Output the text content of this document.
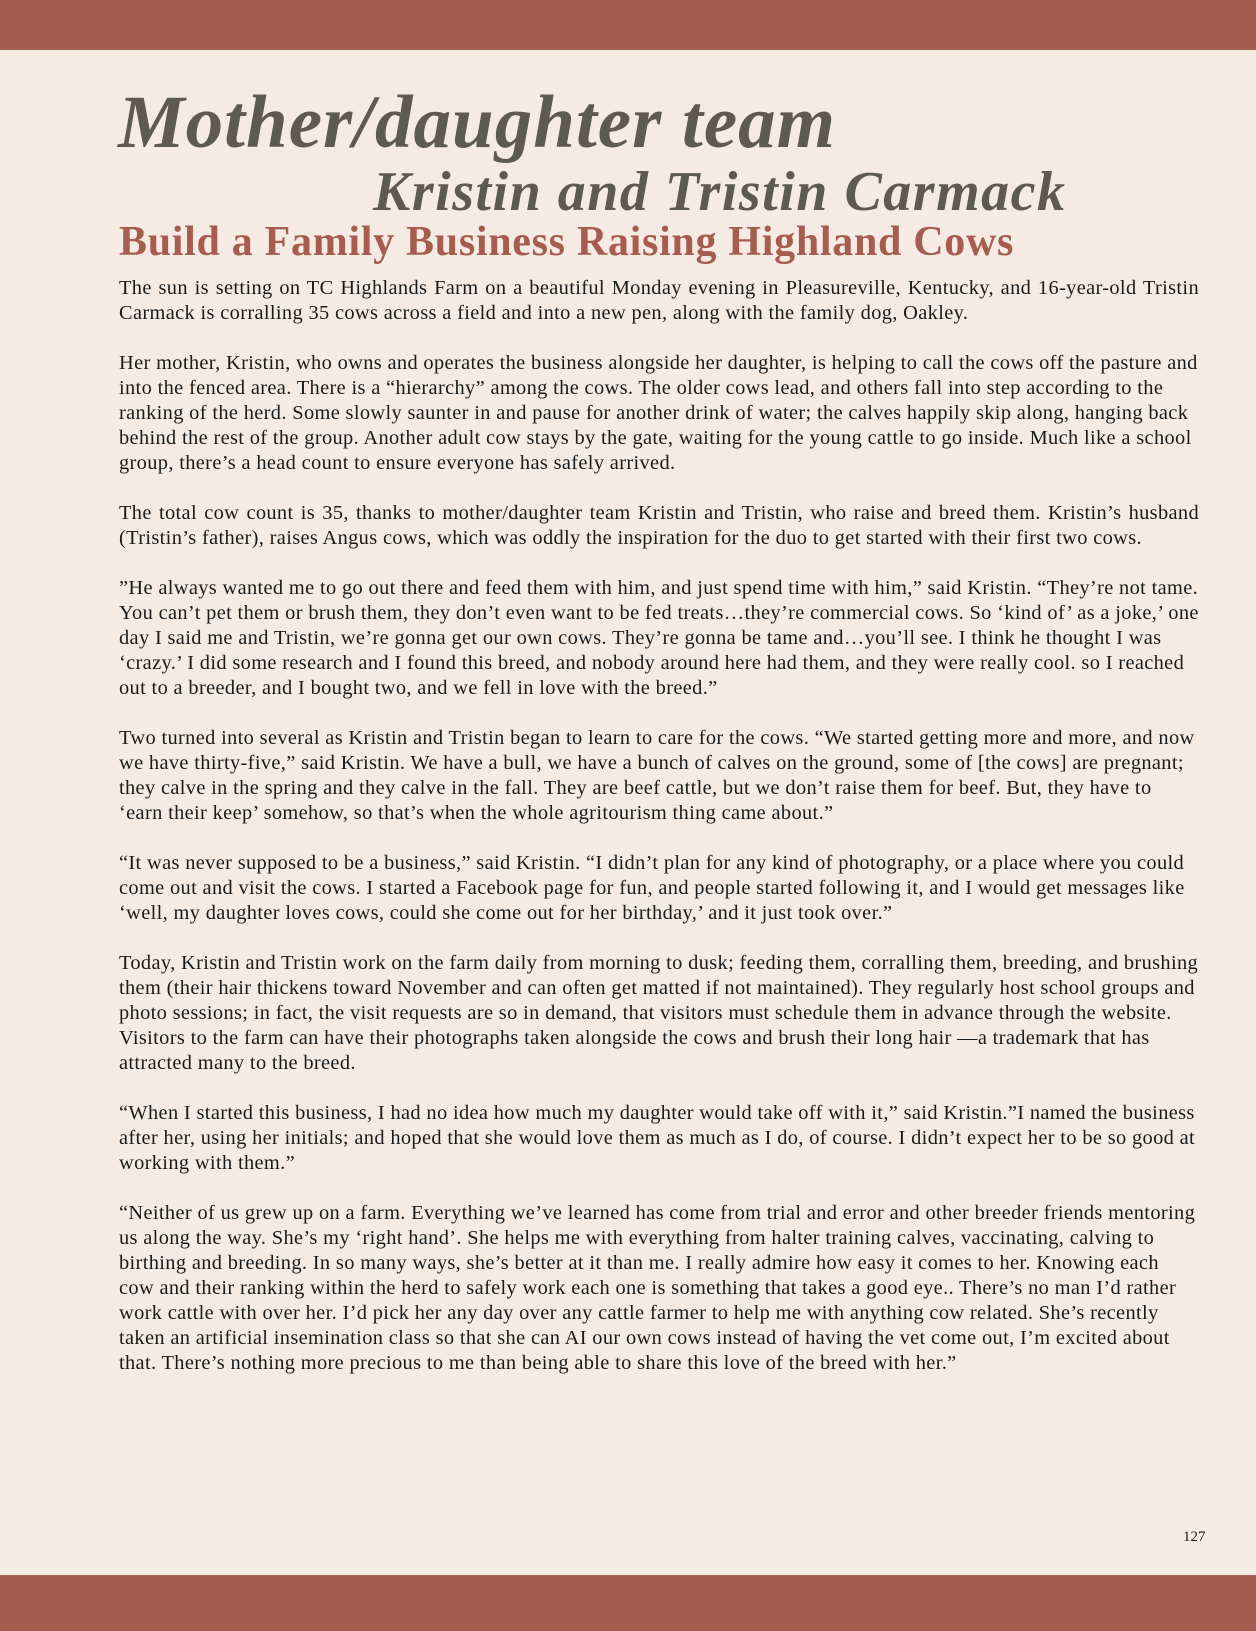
Mother/daughter team
Kristin and Tristin Carmack
Build a Family Business Raising Highland Cows

The sun is setting on TC Highlands Farm on a beautiful Monday evening in Pleasureville, Kentucky, and 16-year-old Tristin Carmack is corralling 35 cows across a field and into a new pen, along with the family dog, Oakley.

Her mother, Kristin, who owns and operates the business alongside her daughter, is helping to call the cows off the pasture and into the fenced area. There is a “hierarchy” among the cows. The older cows lead, and others fall into step according to the ranking of the herd. Some slowly saunter in and pause for another drink of water; the calves happily skip along, hanging back behind the rest of the group. Another adult cow stays by the gate, waiting for the young cattle to go inside. Much like a school group, there’s a head count to ensure everyone has safely arrived.

The total cow count is 35, thanks to mother/daughter team Kristin and Tristin, who raise and breed them. Kristin’s husband (Tristin’s father), raises Angus cows, which was oddly the inspiration for the duo to get started with their first two cows.

”He always wanted me to go out there and feed them with him, and just spend time with him,” said Kristin. “They’re not tame. You can’t pet them or brush them, they don’t even want to be fed treats…they’re commercial cows. So ‘kind of’ as a joke,’ one day I said me and Tristin, we’re gonna get our own cows. They’re gonna be tame and…you’ll see. I think he thought I was ‘crazy.’ I did some research and I found this breed, and nobody around here had them, and they were really cool. so I reached out to a breeder, and I bought two, and we fell in love with the breed.”

Two turned into several as Kristin and Tristin began to learn to care for the cows. “We started getting more and more, and now we have thirty-five,” said Kristin. We have a bull, we have a bunch of calves on the ground, some of [the cows] are pregnant; they calve in the spring and they calve in the fall. They are beef cattle, but we don’t raise them for beef. But, they have to ‘earn their keep’ somehow, so that’s when the whole agritourism thing came about.”

“It was never supposed to be a business,” said Kristin. “I didn’t plan for any kind of photography, or a place where you could come out and visit the cows. I started a Facebook page for fun, and people started following it, and I would get messages like ‘well, my daughter loves cows, could she come out for her birthday,’ and it just took over.”

Today, Kristin and Tristin work on the farm daily from morning to dusk; feeding them, corralling them, breeding, and brushing them (their hair thickens toward November and can often get matted if not maintained). They regularly host school groups and photo sessions; in fact, the visit requests are so in demand, that visitors must schedule them in advance through the website. Visitors to the farm can have their photographs taken alongside the cows and brush their long hair —a trademark that has attracted many to the breed.

“When I started this business, I had no idea how much my daughter would take off with it,” said Kristin.”I named the business after her, using her initials; and hoped that she would love them as much as I do, of course. I didn’t expect her to be so good at working with them.”

“Neither of us grew up on a farm. Everything we’ve learned has come from trial and error and other breeder friends mentoring us along the way. She’s my ‘right hand’. She helps me with everything from halter training calves, vaccinating, calving to birthing and breeding. In so many ways, she’s better at it than me. I really admire how easy it comes to her. Knowing each cow and their ranking within the herd to safely work each one is something that takes a good eye.. There’s no man I’d rather work cattle with over her. I’d pick her any day over any cattle farmer to help me with anything cow related. She’s recently taken an artificial insemination class so that she can AI our own cows instead of having the vet come out, I’m excited about that. There’s nothing more precious to me than being able to share this love of the breed with her.”

127
